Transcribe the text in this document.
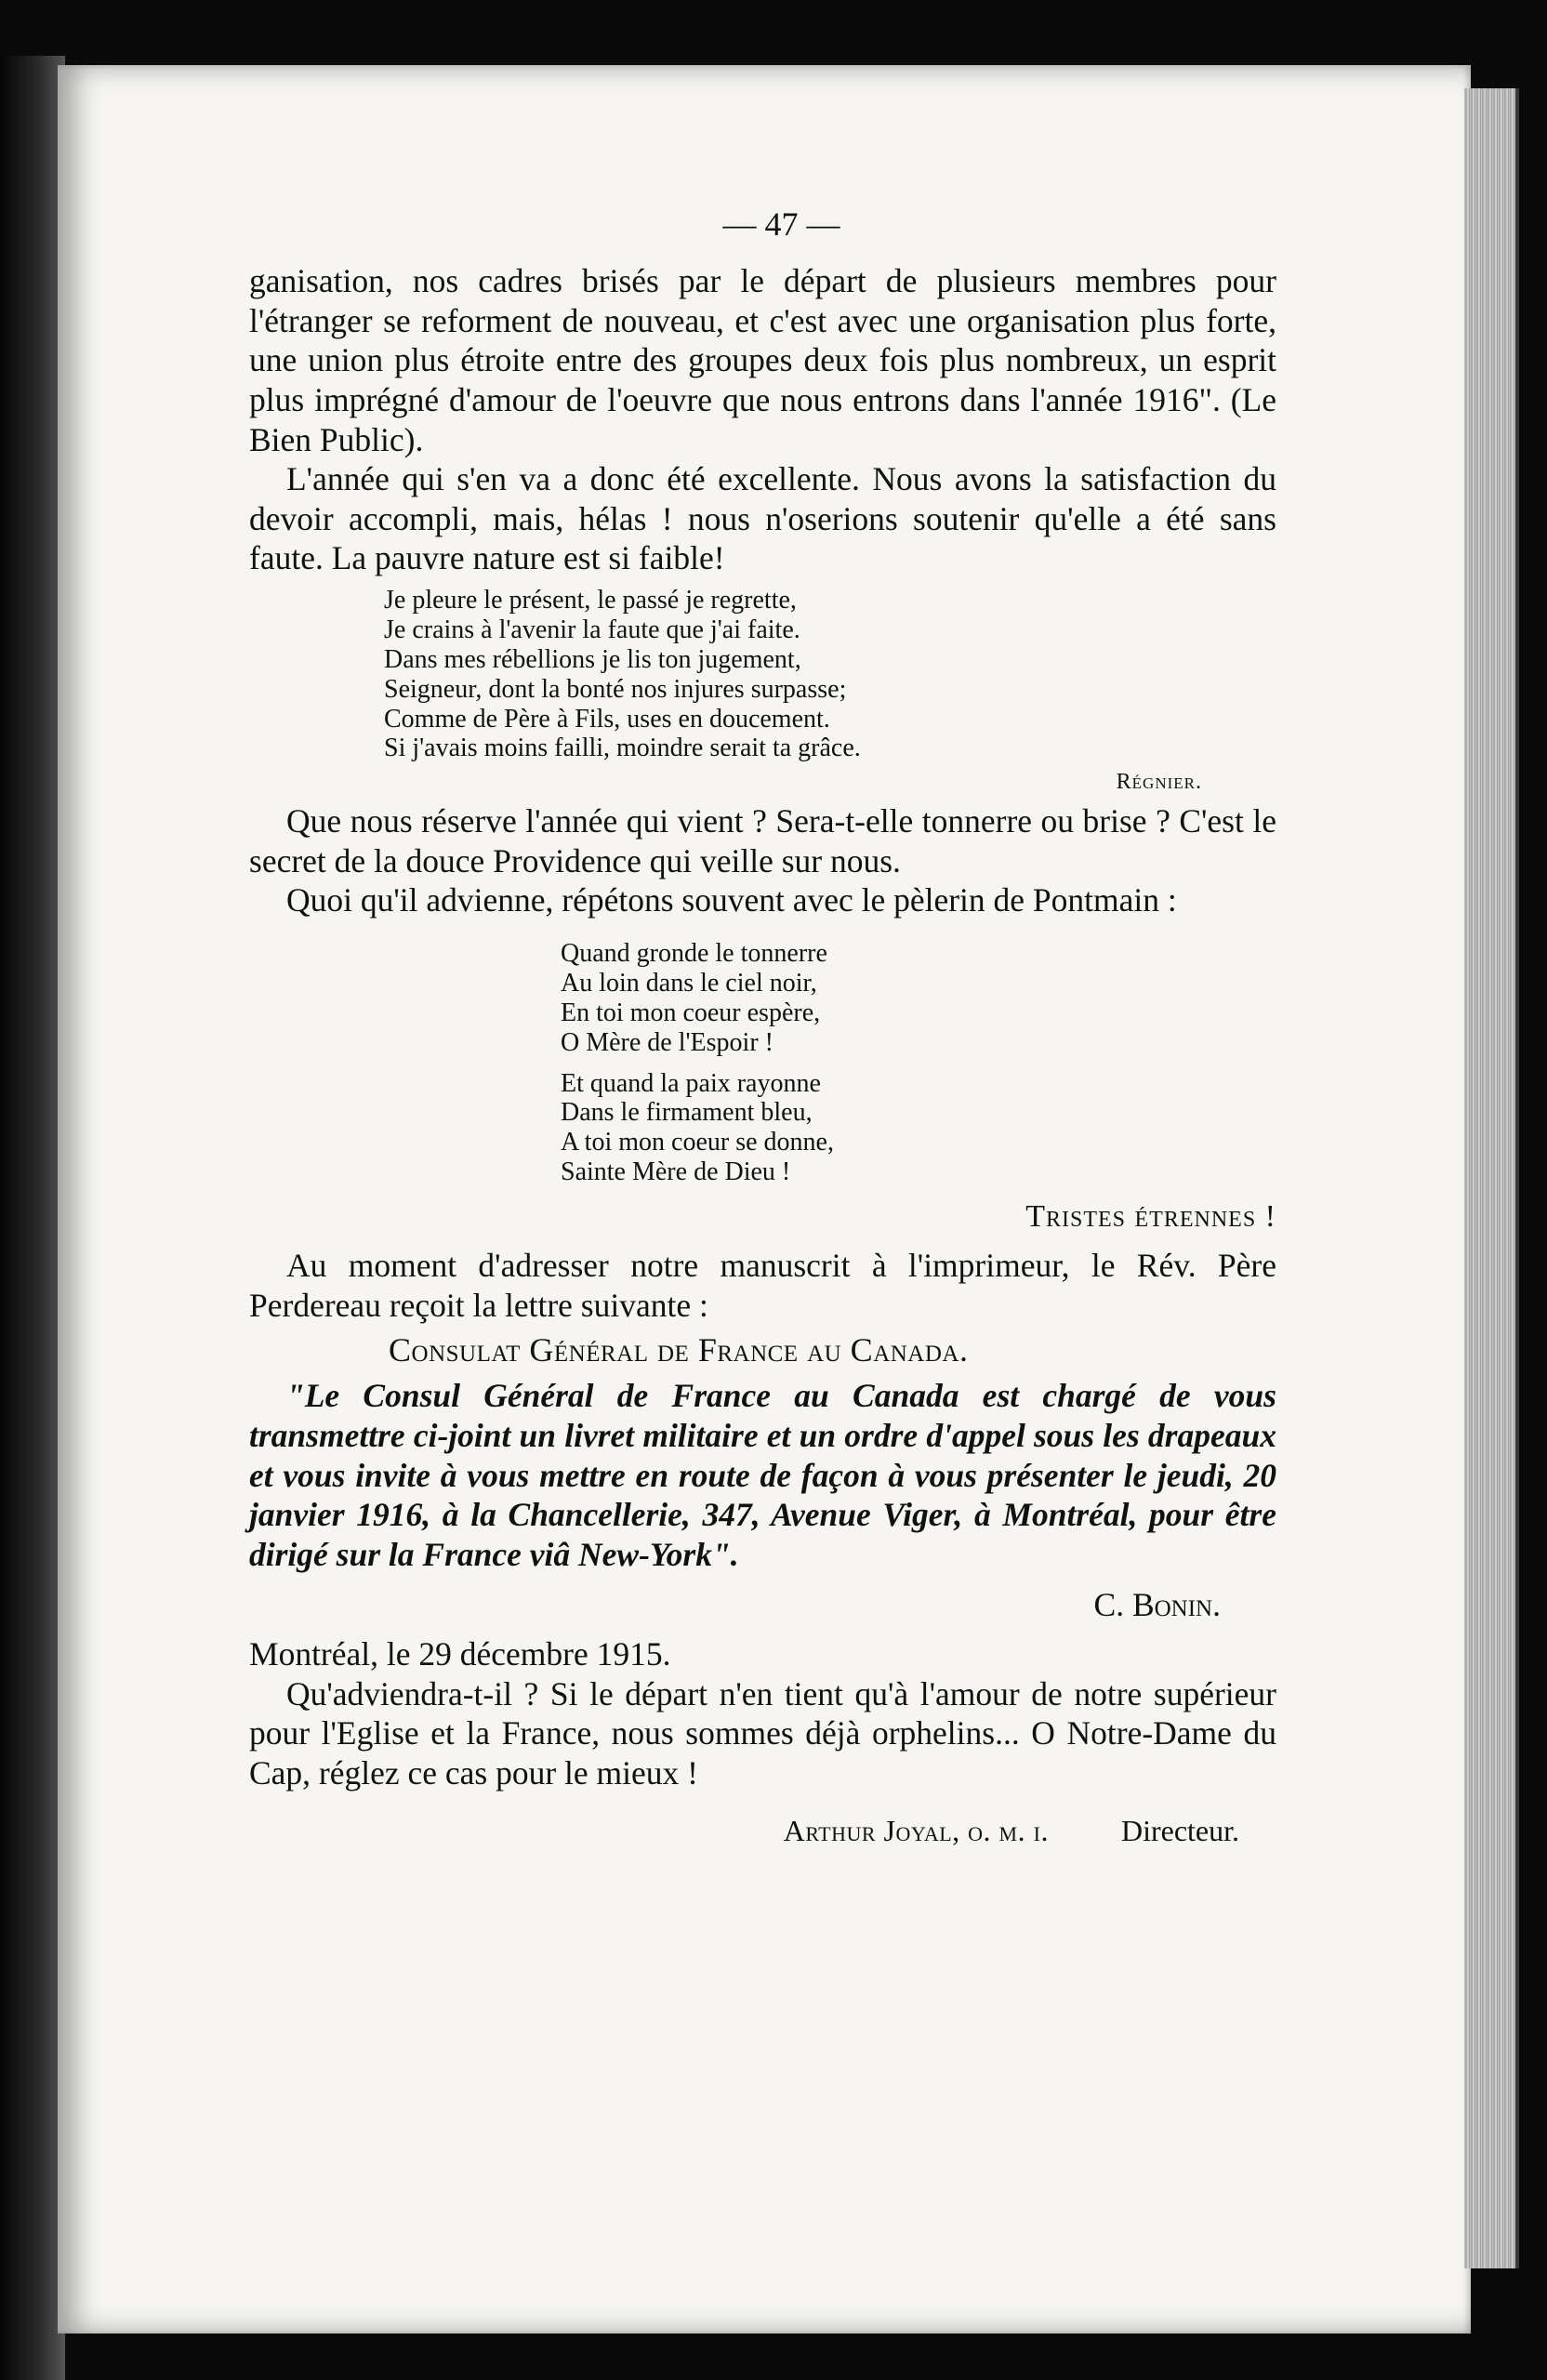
— 47 —

ganisation, nos cadres brisés par le départ de plusieurs membres pour l'étranger se reforment de nouveau, et c'est avec une organisation plus forte, une union plus étroite entre des groupes deux fois plus nombreux, un esprit plus imprégné d'amour de l'oeuvre que nous entrons dans l'année 1916". (Le Bien Public).

L'année qui s'en va a donc été excellente. Nous avons la satisfaction du devoir accompli, mais, hélas ! nous n'oserions soutenir qu'elle a été sans faute. La pauvre nature est si faible!

Je pleure le présent, le passé je regrette,
Je crains à l'avenir la faute que j'ai faite.
Dans mes rébellions je lis ton jugement,
Seigneur, dont la bonté nos injures surpasse;
Comme de Père à Fils, uses en doucement.
Si j'avais moins failli, moindre serait ta grâce.
Régnier.

Que nous réserve l'année qui vient ? Sera-t-elle tonnerre ou brise ? C'est le secret de la douce Providence qui veille sur nous.

Quoi qu'il advienne, répétons souvent avec le pèlerin de Pontmain :

Quand gronde le tonnerre
Au loin dans le ciel noir,
En toi mon coeur espère,
O Mère de l'Espoir !
Et quand la paix rayonne
Dans le firmament bleu,
A toi mon coeur se donne,
Sainte Mère de Dieu !
Tristes étrennes !

Au moment d'adresser notre manuscrit à l'imprimeur, le Rév. Père Perdereau reçoit la lettre suivante :

Consulat Général de France au Canada.

"Le Consul Général de France au Canada est chargé de vous transmettre ci-joint un livret militaire et un ordre d'appel sous les drapeaux et vous invite à vous mettre en route de façon à vous présenter le jeudi, 20 janvier 1916, à la Chancellerie, 347, Avenue Viger, à Montréal, pour être dirigé sur la France viâ New-York".

C. Bonin.

Montréal, le 29 décembre 1915.

Qu'adviendra-t-il ? Si le départ n'en tient qu'à l'amour de notre supérieur pour l'Eglise et la France, nous sommes déjà orphelins... O Notre-Dame du Cap, réglez ce cas pour le mieux !

Arthur Joyal, o. m. i. Directeur.
